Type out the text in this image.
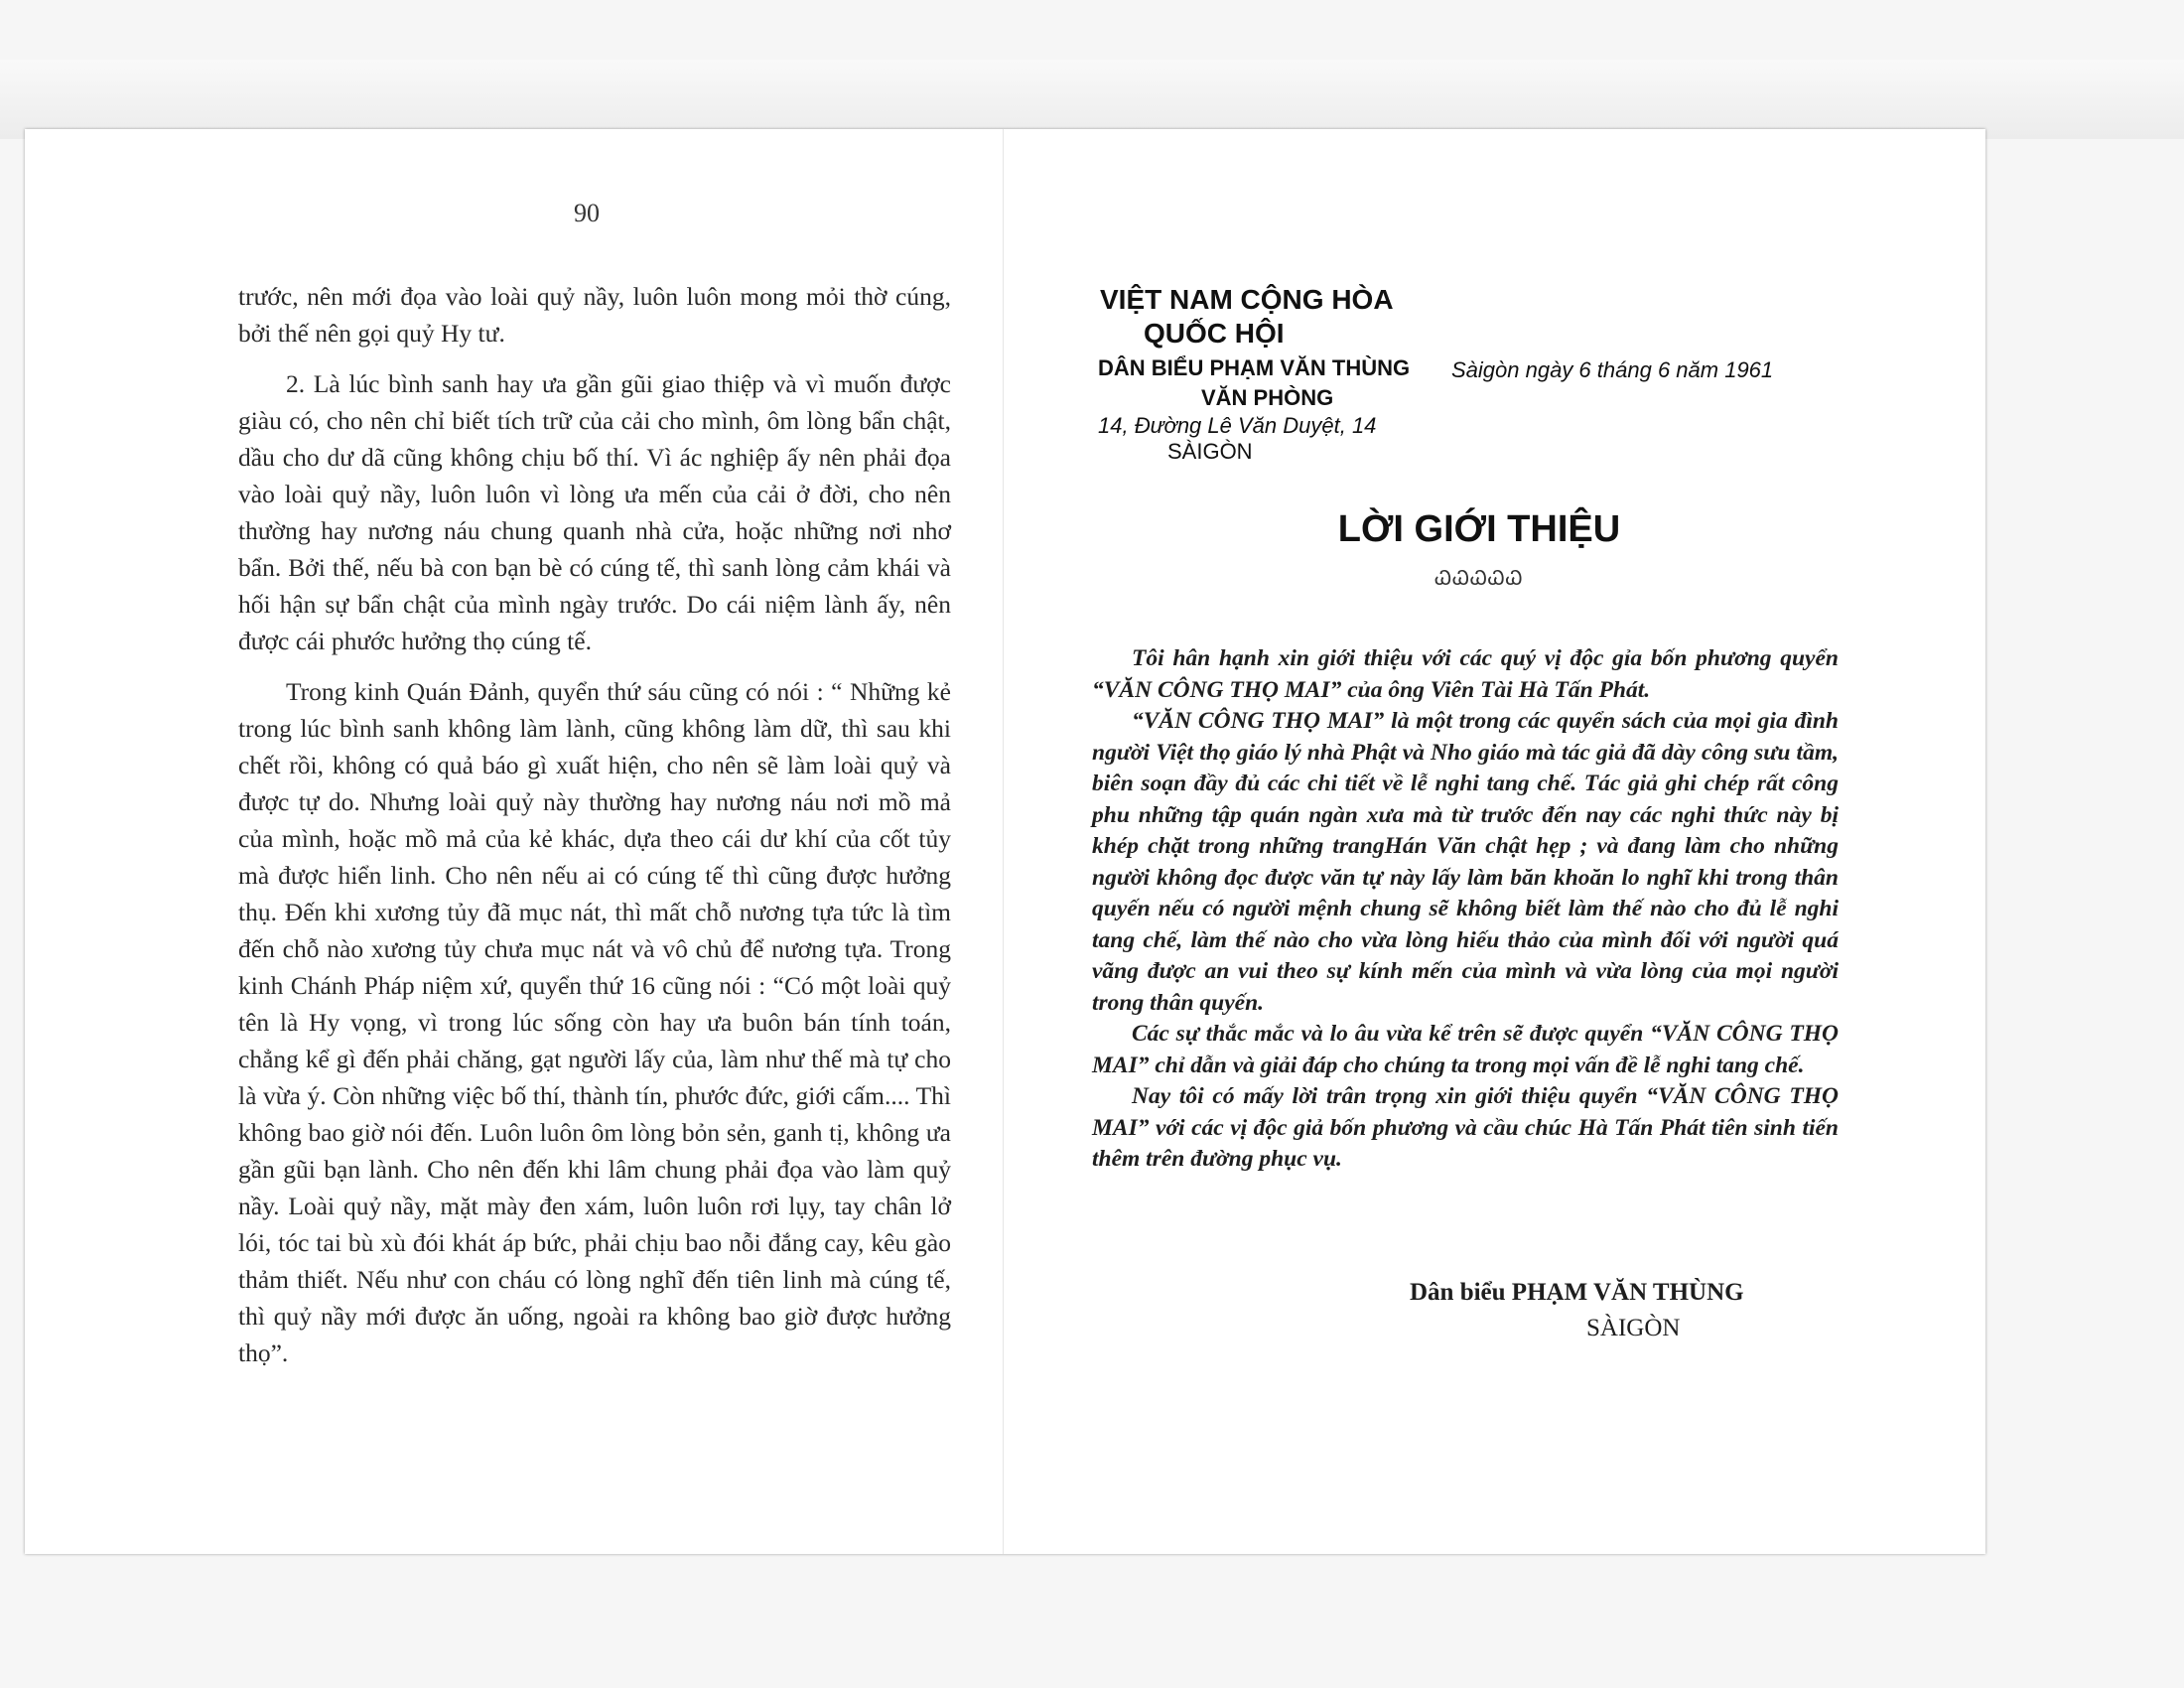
90

trước, nên mới đọa vào loài quỷ nầy, luôn luôn mong mỏi thờ cúng, bởi thế nên gọi quỷ Hy tư.

2. Là lúc bình sanh hay ưa gần gũi giao thiệp và vì muốn được giàu có, cho nên chỉ biết tích trữ của cải cho mình, ôm lòng bẩn chật, dầu cho dư dã cũng không chịu bố thí. Vì ác nghiệp ấy nên phải đọa vào loài quỷ nầy, luôn luôn vì lòng ưa mến của cải ở đời, cho nên thường hay nương náu chung quanh nhà cửa, hoặc những nơi nhơ bẩn. Bởi thế, nếu bà con bạn bè có cúng tế, thì sanh lòng cảm khái và hối hận sự bẩn chật của mình ngày trước. Do cái niệm lành ấy, nên được cái phước hưởng thọ cúng tế.

Trong kinh Quán Đảnh, quyển thứ sáu cũng có nói : “ Những kẻ trong lúc bình sanh không làm lành, cũng không làm dữ, thì sau khi chết rồi, không có quả báo gì xuất hiện, cho nên sẽ làm loài quỷ và được tự do. Nhưng loài quỷ này thường hay nương náu nơi mồ mả của mình, hoặc mồ mả của kẻ khác, dựa theo cái dư khí của cốt tủy mà được hiển linh. Cho nên nếu ai có cúng tế thì cũng được hưởng thụ. Đến khi xương tủy đã mục nát, thì mất chỗ nương tựa tức là tìm đến chỗ nào xương tủy chưa mục nát và vô chủ để nương tựa. Trong kinh Chánh Pháp niệm xứ, quyển thứ 16 cũng nói : “Có một loài quỷ tên là Hy vọng, vì trong lúc sống còn hay ưa buôn bán tính toán, chẳng kể gì đến phải chăng, gạt người lấy của, làm như thế mà tự cho là vừa ý. Còn những việc bố thí, thành tín, phước đức, giới cấm.... Thì không bao giờ nói đến. Luôn luôn ôm lòng bỏn sẻn, ganh tị, không ưa gần gũi bạn lành. Cho nên đến khi lâm chung phải đọa vào làm quỷ nầy. Loài quỷ nầy, mặt mày đen xám, luôn luôn rơi lụy, tay chân lở lói, tóc tai bù xù đói khát áp bức, phải chịu bao nỗi đắng cay, kêu gào thảm thiết. Nếu như con cháu có lòng nghĩ đến tiên linh mà cúng tế, thì quỷ nầy mới được ăn uống, ngoài ra không bao giờ được hưởng thọ”.

VIỆT NAM CỘNG HÒA
QUỐC HỘI
DÂN BIỂU PHẠM VĂN THÙNG
VĂN PHÒNG
14, Đường Lê Văn Duyệt, 14
SÀIGÒN
Sàigòn ngày 6 tháng 6 năm 1961
LỜI GIỚI THIỆU
ᏇᏇᏇᏇᏇ

Tôi hân hạnh xin giới thiệu với các quý vị độc gỉa bốn phương quyển “VĂN CÔNG THỌ MAI” của ông Viên Tài Hà Tấn Phát.

“VĂN CÔNG THỌ MAI” là một trong các quyển sách của mọi gia đình người Việt thọ giáo lý nhà Phật và Nho giáo mà tác giả đã dày công sưu tầm, biên soạn đầy đủ các chi tiết về lễ nghi tang chế. Tác giả ghi chép rất công phu những tập quán ngàn xưa mà từ trước đến nay các nghi thức này bị khép chặt trong những trangHán Văn chật hẹp ; và đang làm cho những người không đọc được văn tự này lấy làm băn khoăn lo nghĩ khi trong thân quyến nếu có người mệnh chung sẽ không biết làm thế nào cho đủ lễ nghi tang chế, làm thế nào cho vừa lòng hiếu thảo của mình đối với người quá vãng được an vui theo sự kính mến của mình và vừa lòng của mọi người trong thân quyến.

Các sự thắc mắc và lo âu vừa kể trên sẽ được quyển “VĂN CÔNG THỌ MAI” chỉ dẫn và giải đáp cho chúng ta trong mọi vấn đề lễ nghi tang chế.

Nay tôi có mấy lời trân trọng xin giới thiệu quyển “VĂN CÔNG THỌ MAI” với các vị độc giả bốn phương và cầu chúc Hà Tấn Phát tiên sinh tiến thêm trên đường phục vụ.

Dân biểu PHẠM VĂN THÙNG
SÀIGÒN
